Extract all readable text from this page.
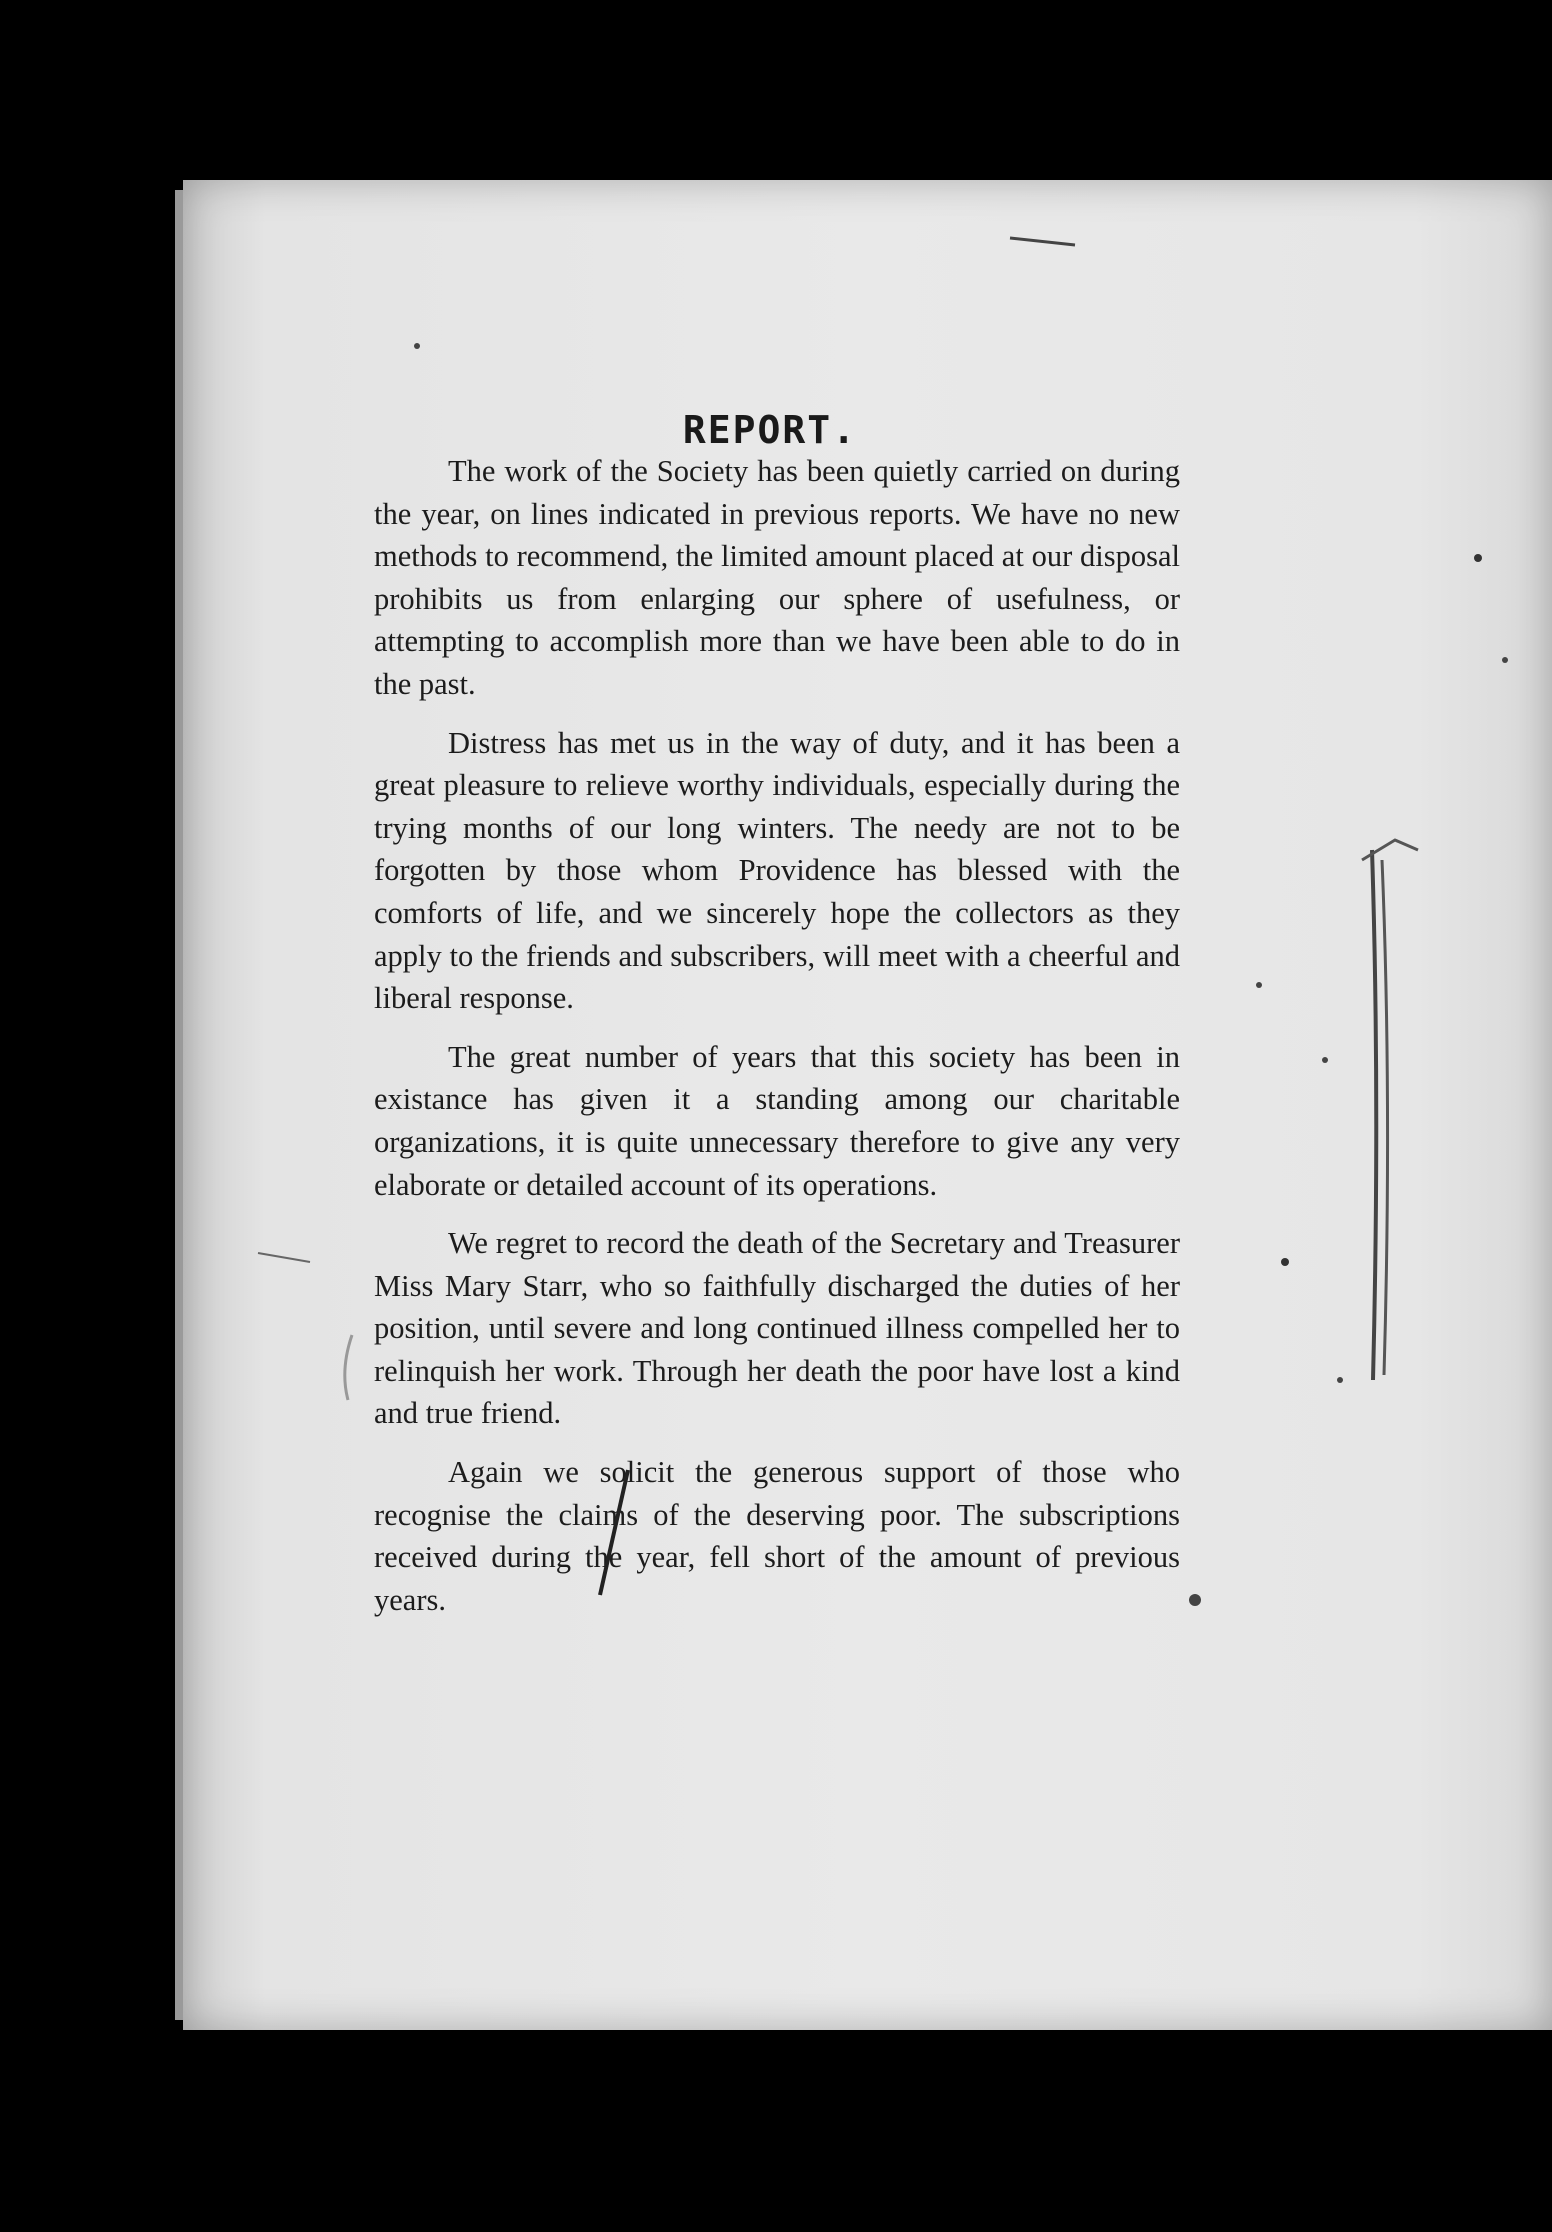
REPORT.

The work of the Society has been quietly carried on during the year, on lines indicated in previous reports. We have no new methods to recommend, the limited amount placed at our disposal prohibits us from enlarging our sphere of usefulness, or attempting to accomplish more than we have been able to do in the past.

Distress has met us in the way of duty, and it has been a great pleasure to relieve worthy individuals, especially during the trying months of our long winters. The needy are not to be forgotten by those whom Providence has blessed with the comforts of life, and we sincerely hope the collectors as they apply to the friends and subscribers, will meet with a cheerful and liberal response.

The great number of years that this society has been in existance has given it a standing among our charitable organizations, it is quite unnecessary therefore to give any very elaborate or detailed account of its operations.

We regret to record the death of the Secretary and Treasurer Miss Mary Starr, who so faithfully discharged the duties of her position, until severe and long continued illness compelled her to relinquish her work. Through her death the poor have lost a kind and true friend.

Again we solicit the generous support of those who recognise the claims of the deserving poor. The subscriptions received during the year, fell short of the amount of previous years.
